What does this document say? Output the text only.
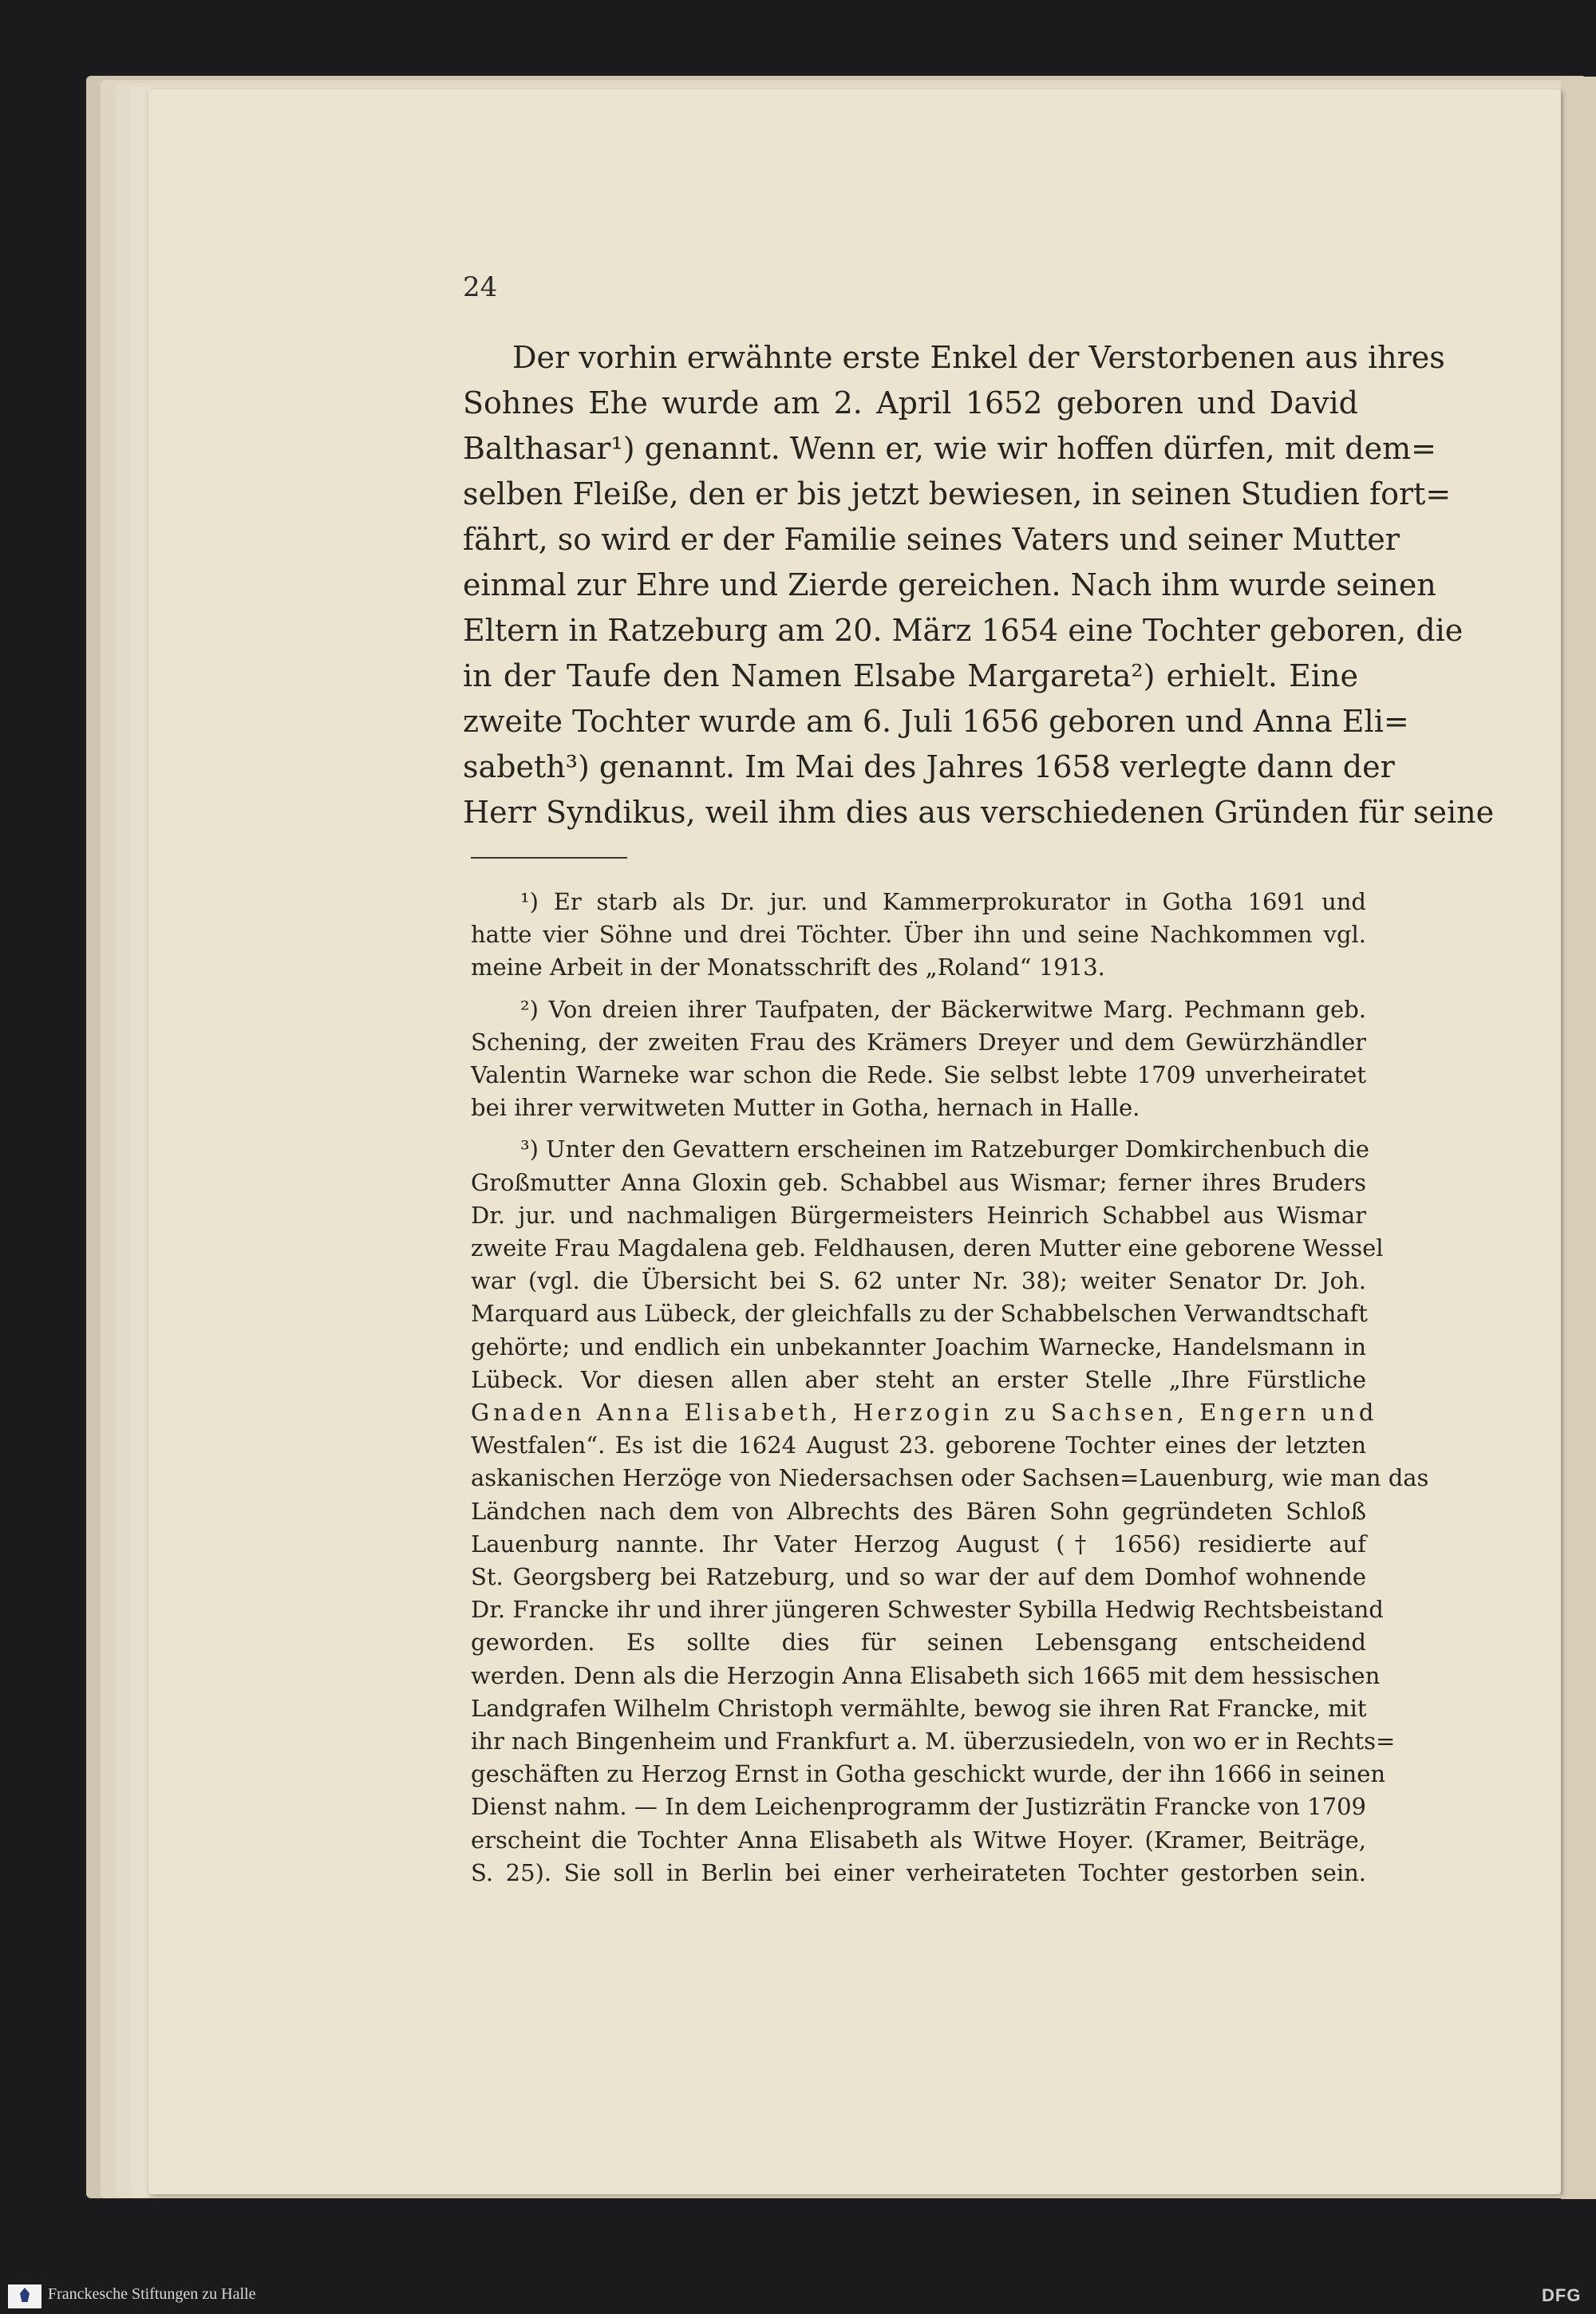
24
Der vorhin erwähnte erste Enkel der Verstorbenen aus ihres
Sohnes Ehe wurde am 2. April 1652 geboren und David
Balthasar¹) genannt. Wenn er, wie wir hoffen dürfen, mit dem=
selben Fleiße, den er bis jetzt bewiesen, in seinen Studien fort=
fährt, so wird er der Familie seines Vaters und seiner Mutter
einmal zur Ehre und Zierde gereichen. Nach ihm wurde seinen
Eltern in Ratzeburg am 20. März 1654 eine Tochter geboren, die
in der Taufe den Namen Elsabe Margareta²) erhielt. Eine
zweite Tochter wurde am 6. Juli 1656 geboren und Anna Eli=
sabeth³) genannt. Im Mai des Jahres 1658 verlegte dann der
Herr Syndikus, weil ihm dies aus verschiedenen Gründen für seine
¹) Er starb als Dr. jur. und Kammerprokurator in Gotha 1691 und
hatte vier Söhne und drei Töchter. Über ihn und seine Nachkommen vgl.
meine Arbeit in der Monatsschrift des „Roland“ 1913.
²) Von dreien ihrer Taufpaten, der Bäckerwitwe Marg. Pechmann geb.
Schening, der zweiten Frau des Krämers Dreyer und dem Gewürzhändler
Valentin Warneke war schon die Rede. Sie selbst lebte 1709 unverheiratet
bei ihrer verwitweten Mutter in Gotha, hernach in Halle.
³) Unter den Gevattern erscheinen im Ratzeburger Domkirchenbuch die
Großmutter Anna Gloxin geb. Schabbel aus Wismar; ferner ihres Bruders
Dr. jur. und nachmaligen Bürgermeisters Heinrich Schabbel aus Wismar
zweite Frau Magdalena geb. Feldhausen, deren Mutter eine geborene Wessel
war (vgl. die Übersicht bei S. 62 unter Nr. 38); weiter Senator Dr. Joh.
Marquard aus Lübeck, der gleichfalls zu der Schabbelschen Verwandtschaft
gehörte; und endlich ein unbekannter Joachim Warnecke, Handelsmann in
Lübeck. Vor diesen allen aber steht an erster Stelle „Ihre Fürstliche
Gnaden Anna Elisabeth, Herzogin zu Sachsen, Engern und
Westfalen“. Es ist die 1624 August 23. geborene Tochter eines der letzten
askanischen Herzöge von Niedersachsen oder Sachsen=Lauenburg, wie man das
Ländchen nach dem von Albrechts des Bären Sohn gegründeten Schloß
Lauenburg nannte. Ihr Vater Herzog August († 1656) residierte auf
St. Georgsberg bei Ratzeburg, und so war der auf dem Domhof wohnende
Dr. Francke ihr und ihrer jüngeren Schwester Sybilla Hedwig Rechtsbeistand
geworden. Es sollte dies für seinen Lebensgang entscheidend
werden. Denn als die Herzogin Anna Elisabeth sich 1665 mit dem hessischen
Landgrafen Wilhelm Christoph vermählte, bewog sie ihren Rat Francke, mit
ihr nach Bingenheim und Frankfurt a. M. überzusiedeln, von wo er in Rechts=
geschäften zu Herzog Ernst in Gotha geschickt wurde, der ihn 1666 in seinen
Dienst nahm. — In dem Leichenprogramm der Justizrätin Francke von 1709
erscheint die Tochter Anna Elisabeth als Witwe Hoyer. (Kramer, Beiträge,
S. 25). Sie soll in Berlin bei einer verheirateten Tochter gestorben sein.
Franckesche Stiftungen zu Halle	DFG
